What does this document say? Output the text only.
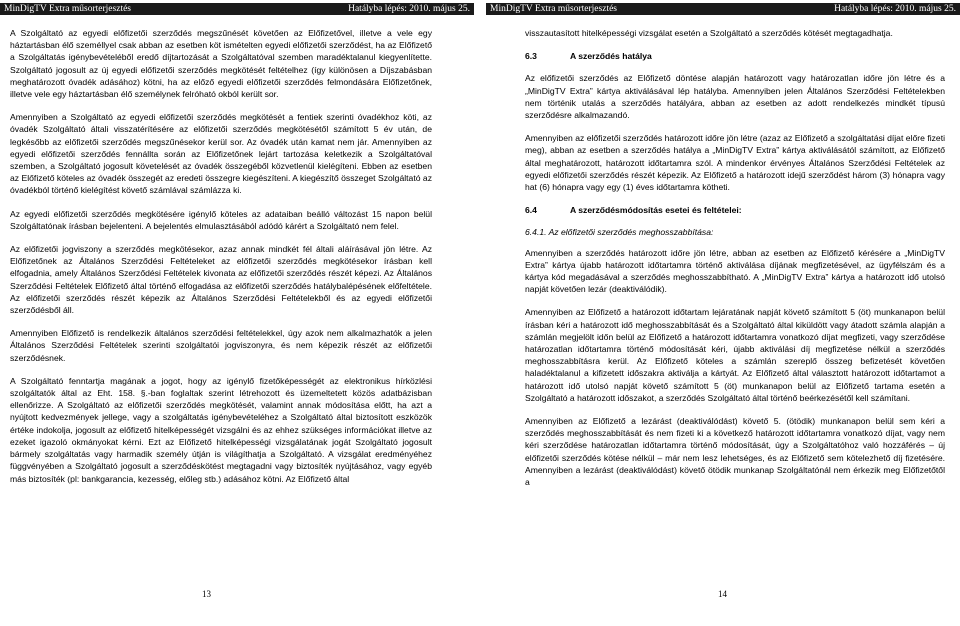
MinDigTV Extra műsorterjesztés	Hatályba lépés: 2010. május 25.

A Szolgáltató az egyedi előfizetői szerződés megszűnését követően az Előfizetővel, illetve a vele egy háztartásban élő személlyel csak abban az esetben köt ismételten egyedi előfizetői szerződést, ha az Előfizető a Szolgáltatás igénybevételéből eredő díjtartozását a Szolgáltatóval szemben maradéktalanul kiegyenlítette. Szolgáltató jogosult az új egyedi előfizetői szerződés megkötését feltételhez (így különösen a Díjszabásban meghatározott óvadék adásához) kötni, ha az előző egyedi előfizetői szerződés felmondására Előfizetőnek, illetve vele egy háztartásban élő személynek felróható okból került sor.

Amennyiben a Szolgáltató az egyedi előfizetői szerződés megkötését a fentiek szerinti óvadékhoz köti, az óvadék Szolgáltató általi visszatérítésére az előfizetői szerződés megkötésétől számított 5 év után, de legkésőbb az előfizetői szerződés megszűnésekor kerül sor. Az óvadék után kamat nem jár. Amennyiben az egyedi előfizetői szerződés fennállta során az Előfizetőnek lejárt tartozása keletkezik a Szolgáltatóval szemben, a Szolgáltató jogosult követelését az óvadék összegéből közvetlenül kielégíteni. Ebben az esetben az Előfizető köteles az óvadék összegét az eredeti összegre kiegészíteni. A kiegészítő összeget Szolgáltató az óvadékból történő kielégítést követő számlával számlázza ki.

Az egyedi előfizetői szerződés megkötésére igénylő köteles az adataiban beálló változást 15 napon belül Szolgáltatónak írásban bejelenteni. A bejelentés elmulasztásából adódó kárért a Szolgáltató nem felel.

Az előfizetői jogviszony a szerződés megkötésekor, azaz annak mindkét fél általi aláírásával jön létre. Az Előfizetőnek az Általános Szerződési Feltételeket az előfizetői szerződés megkötésekor írásban kell elfogadnia, amely Általános Szerződési Feltételek kivonata az előfizetői szerződés részét képezi. Az Általános Szerződési Feltételek Előfizető által történő elfogadása az előfizetői szerződés hatálybalépésének előfeltétele. Az előfizetői szerződés részét képezik az Általános Szerződési Feltételekből és az egyedi előfizetői szerződésből áll.

Amennyiben Előfizető is rendelkezik általános szerződési feltételekkel, úgy azok nem alkalmazhatók a jelen Általános Szerződési Feltételek szerinti szolgáltatói jogviszonyra, és nem képezik részét az előfizetői szerződésnek.

A Szolgáltató fenntartja magának a jogot, hogy az igénylő fizetőképességét az elektronikus hírközlési szolgáltatók által az Eht. 158. §.-ban foglaltak szerint létrehozott és üzemeltetett közös adatbázisban ellenőrizze. A Szolgáltató az előfizetői szerződés megkötését, valamint annak módosítása előtt, ha azt a nyújtott kedvezmények jellege, vagy a szolgáltatás igénybevételéhez a Szolgáltató által biztosított eszközök értéke indokolja, jogosult az előfizető hitelképességét vizsgálni és az ehhez szükséges információkat illetve az ezeket igazoló okmányokat kérni. Ezt az Előfizető hitelképességi vizsgálatának jogát Szolgáltató jogosult bármely szolgáltatás vagy harmadik személy útján is világíthatja a Szolgáltató. A vizsgálat eredményéhez függvényében a Szolgáltató jogosult a szerződéskötést megtagadni vagy biztosíték nyújtásához, vagy egyéb más biztosíték (pl: bankgarancia, kezesség, előleg stb.) adásához kötni. Az Előfizető által

13
MinDigTV Extra műsorterjesztés	Hatályba lépés: 2010. május 25.

visszautasított hitelképességi vizsgálat esetén a Szolgáltató a szerződés kötését megtagadhatja.

6.3	A szerződés hatálya

Az előfizetői szerződés az Előfizető döntése alapján határozott vagy határozatlan időre jön létre és a „MinDigTV Extra” kártya aktiválásával lép hatályba. Amennyiben jelen Általános Szerződési Feltételekben nem történik utalás a szerződés hatályára, abban az esetben az adott rendelkezés mindkét típusú szerződésre alkalmazandó.

Amennyiben az előfizetői szerződés határozott időre jön létre (azaz az Előfizető a szolgáltatási díjat előre fizeti meg), abban az esetben a szerződés hatálya a „MinDigTV Extra” kártya aktiválásától számított, az Előfizető által meghatározott, határozott időtartamra szól. A mindenkor érvényes Általános Szerződési Feltételek az egyedi előfizetői szerződés részét képezik. Az Előfizető a határozott idejű szerződést három (3) hónapra vagy hat (6) hónapra vagy egy (1) éves időtartamra kötheti.

6.4	A szerződésmódosítás esetei és feltételei:
6.4.1. Az előfizetői szerződés meghosszabbítása:

Amennyiben a szerződés határozott időre jön létre, abban az esetben az Előfizető kérésére a „MinDigTV Extra” kártya újabb határozott időtartamra történő aktiválása díjának megfizetésével, az ügyfélszám és a kártya kód megadásával a szerződés meghosszabbítható. A „MinDigTV Extra” kártya a határozott idő utolsó napját követően lezár (deaktiválódik).

Amennyiben az Előfizető a határozott időtartam lejáratának napját követő számított 5 (öt) munkanapon belül írásban kéri a határozott idő meghosszabbítását és a Szolgáltató által kiküldött vagy átadott számla alapján a számlán megjelölt időn belül az Előfizető a határozott időtartamra vonatkozó díjat megfizeti, vagy szerződése határozatlan időtartamra történő módosítását kéri, újabb aktiválási díj megfizetése nélkül a szerződés meghosszabbításra kerül. Az Előfizető köteles a számlán szereplő összeg befizetését követően haladéktalanul a kifizetett időszakra aktiválja a kártyát. Az Előfizető által választott határozott időtartamot a határozott idő utolsó napját követő számított 5 (öt) munkanapon belül az Előfizető tartama esetén a Szolgáltató a határozott időszakot, a szerződés Szolgáltató által történő beérkezésétől kell számítani.

Amennyiben az Előfizető a lezárást (deaktiválódást) követő 5. (ötödik) munkanapon belül sem kéri a szerződés meghosszabbítását és nem fizeti ki a következő határozott időtartamra vonatkozó díjat, vagy nem kéri szerződése határozatlan időtartamra történő módosítását, úgy a Szolgáltatóhoz való hozzáférés – új előfizetői szerződés kötése nélkül – már nem lesz lehetséges, és az Előfizető sem kötelezhető díj fizetésére. Amennyiben a lezárást (deaktiválódást) követő ötödik munkanap Szolgáltatónál nem érkezik meg Előfizetőtől a

14
